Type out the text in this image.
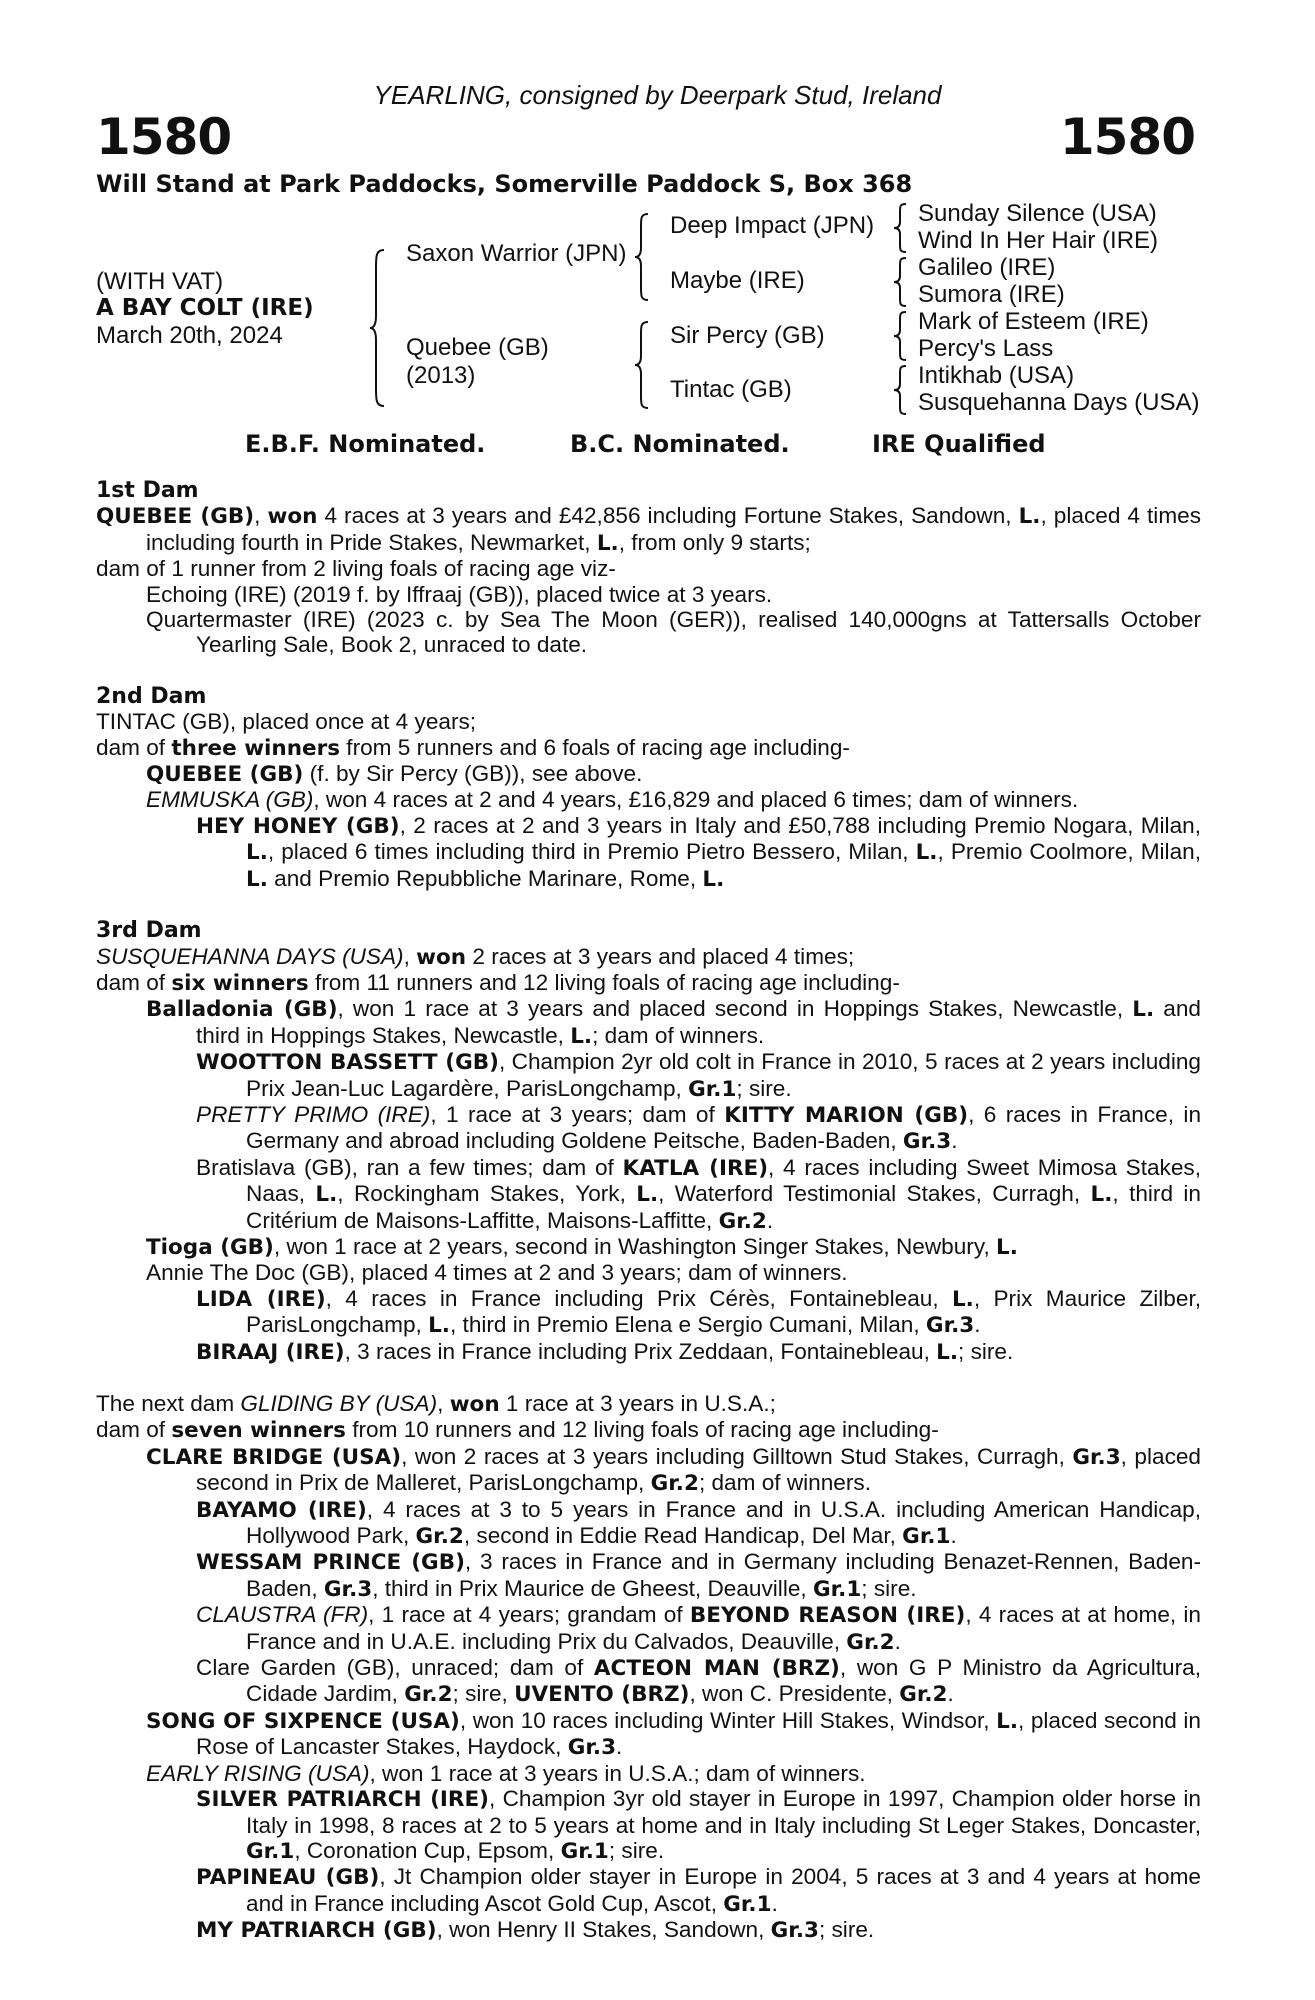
YEARLING, consigned by Deerpark Stud, Ireland
1580	1580
Will Stand at Park Paddocks, Somerville Paddock S, Box 368
(WITH VAT)
A BAY COLT (IRE)
March 20th, 2024
Saxon Warrior (JPN)
Quebee (GB)
(2013)
Deep Impact (JPN)
Maybe (IRE)
Sir Percy (GB)
Tintac (GB)
Sunday Silence (USA)
Wind In Her Hair (IRE)
Galileo (IRE)
Sumora (IRE)
Mark of Esteem (IRE)
Percy's Lass
Intikhab (USA)
Susquehanna Days (USA)
E.B.F. Nominated.	B.C. Nominated.	IRE Qualified
1st Dam
QUEBEE (GB), won 4 races at 3 years and £42,856 including Fortune Stakes, Sandown, L., placed 4 times including fourth in Pride Stakes, Newmarket, L., from only 9 starts;
dam of 1 runner from 2 living foals of racing age viz-
Echoing (IRE) (2019 f. by Iffraaj (GB)), placed twice at 3 years.
Quartermaster (IRE) (2023 c. by Sea The Moon (GER)), realised 140,000gns at Tattersalls October Yearling Sale, Book 2, unraced to date.
2nd Dam
TINTAC (GB), placed once at 4 years;
dam of three winners from 5 runners and 6 foals of racing age including-
QUEBEE (GB) (f. by Sir Percy (GB)), see above.
EMMUSKA (GB), won 4 races at 2 and 4 years, £16,829 and placed 6 times; dam of winners.
HEY HONEY (GB), 2 races at 2 and 3 years in Italy and £50,788 including Premio Nogara, Milan, L., placed 6 times including third in Premio Pietro Bessero, Milan, L., Premio Coolmore, Milan, L. and Premio Repubbliche Marinare, Rome, L.
3rd Dam
SUSQUEHANNA DAYS (USA), won 2 races at 3 years and placed 4 times;
dam of six winners from 11 runners and 12 living foals of racing age including-
Balladonia (GB), won 1 race at 3 years and placed second in Hoppings Stakes, Newcastle, L. and third in Hoppings Stakes, Newcastle, L.; dam of winners.
WOOTTON BASSETT (GB), Champion 2yr old colt in France in 2010, 5 races at 2 years including Prix Jean-Luc Lagardère, ParisLongchamp, Gr.1; sire.
PRETTY PRIMO (IRE), 1 race at 3 years; dam of KITTY MARION (GB), 6 races in France, in Germany and abroad including Goldene Peitsche, Baden-Baden, Gr.3.
Bratislava (GB), ran a few times; dam of KATLA (IRE), 4 races including Sweet Mimosa Stakes, Naas, L., Rockingham Stakes, York, L., Waterford Testimonial Stakes, Curragh, L., third in Critérium de Maisons-Laffitte, Maisons-Laffitte, Gr.2.
Tioga (GB), won 1 race at 2 years, second in Washington Singer Stakes, Newbury, L.
Annie The Doc (GB), placed 4 times at 2 and 3 years; dam of winners.
LIDA (IRE), 4 races in France including Prix Cérès, Fontainebleau, L., Prix Maurice Zilber, ParisLongchamp, L., third in Premio Elena e Sergio Cumani, Milan, Gr.3.
BIRAAJ (IRE), 3 races in France including Prix Zeddaan, Fontainebleau, L.; sire.
The next dam GLIDING BY (USA), won 1 race at 3 years in U.S.A.;
dam of seven winners from 10 runners and 12 living foals of racing age including-
CLARE BRIDGE (USA), won 2 races at 3 years including Gilltown Stud Stakes, Curragh, Gr.3, placed second in Prix de Malleret, ParisLongchamp, Gr.2; dam of winners.
BAYAMO (IRE), 4 races at 3 to 5 years in France and in U.S.A. including American Handicap, Hollywood Park, Gr.2, second in Eddie Read Handicap, Del Mar, Gr.1.
WESSAM PRINCE (GB), 3 races in France and in Germany including Benazet-Rennen, Baden-Baden, Gr.3, third in Prix Maurice de Gheest, Deauville, Gr.1; sire.
CLAUSTRA (FR), 1 race at 4 years; grandam of BEYOND REASON (IRE), 4 races at at home, in France and in U.A.E. including Prix du Calvados, Deauville, Gr.2.
Clare Garden (GB), unraced; dam of ACTEON MAN (BRZ), won G P Ministro da Agricultura, Cidade Jardim, Gr.2; sire, UVENTO (BRZ), won C. Presidente, Gr.2.
SONG OF SIXPENCE (USA), won 10 races including Winter Hill Stakes, Windsor, L., placed second in Rose of Lancaster Stakes, Haydock, Gr.3.
EARLY RISING (USA), won 1 race at 3 years in U.S.A.; dam of winners.
SILVER PATRIARCH (IRE), Champion 3yr old stayer in Europe in 1997, Champion older horse in Italy in 1998, 8 races at 2 to 5 years at home and in Italy including St Leger Stakes, Doncaster, Gr.1, Coronation Cup, Epsom, Gr.1; sire.
PAPINEAU (GB), Jt Champion older stayer in Europe in 2004, 5 races at 3 and 4 years at home and in France including Ascot Gold Cup, Ascot, Gr.1.
MY PATRIARCH (GB), won Henry II Stakes, Sandown, Gr.3; sire.
